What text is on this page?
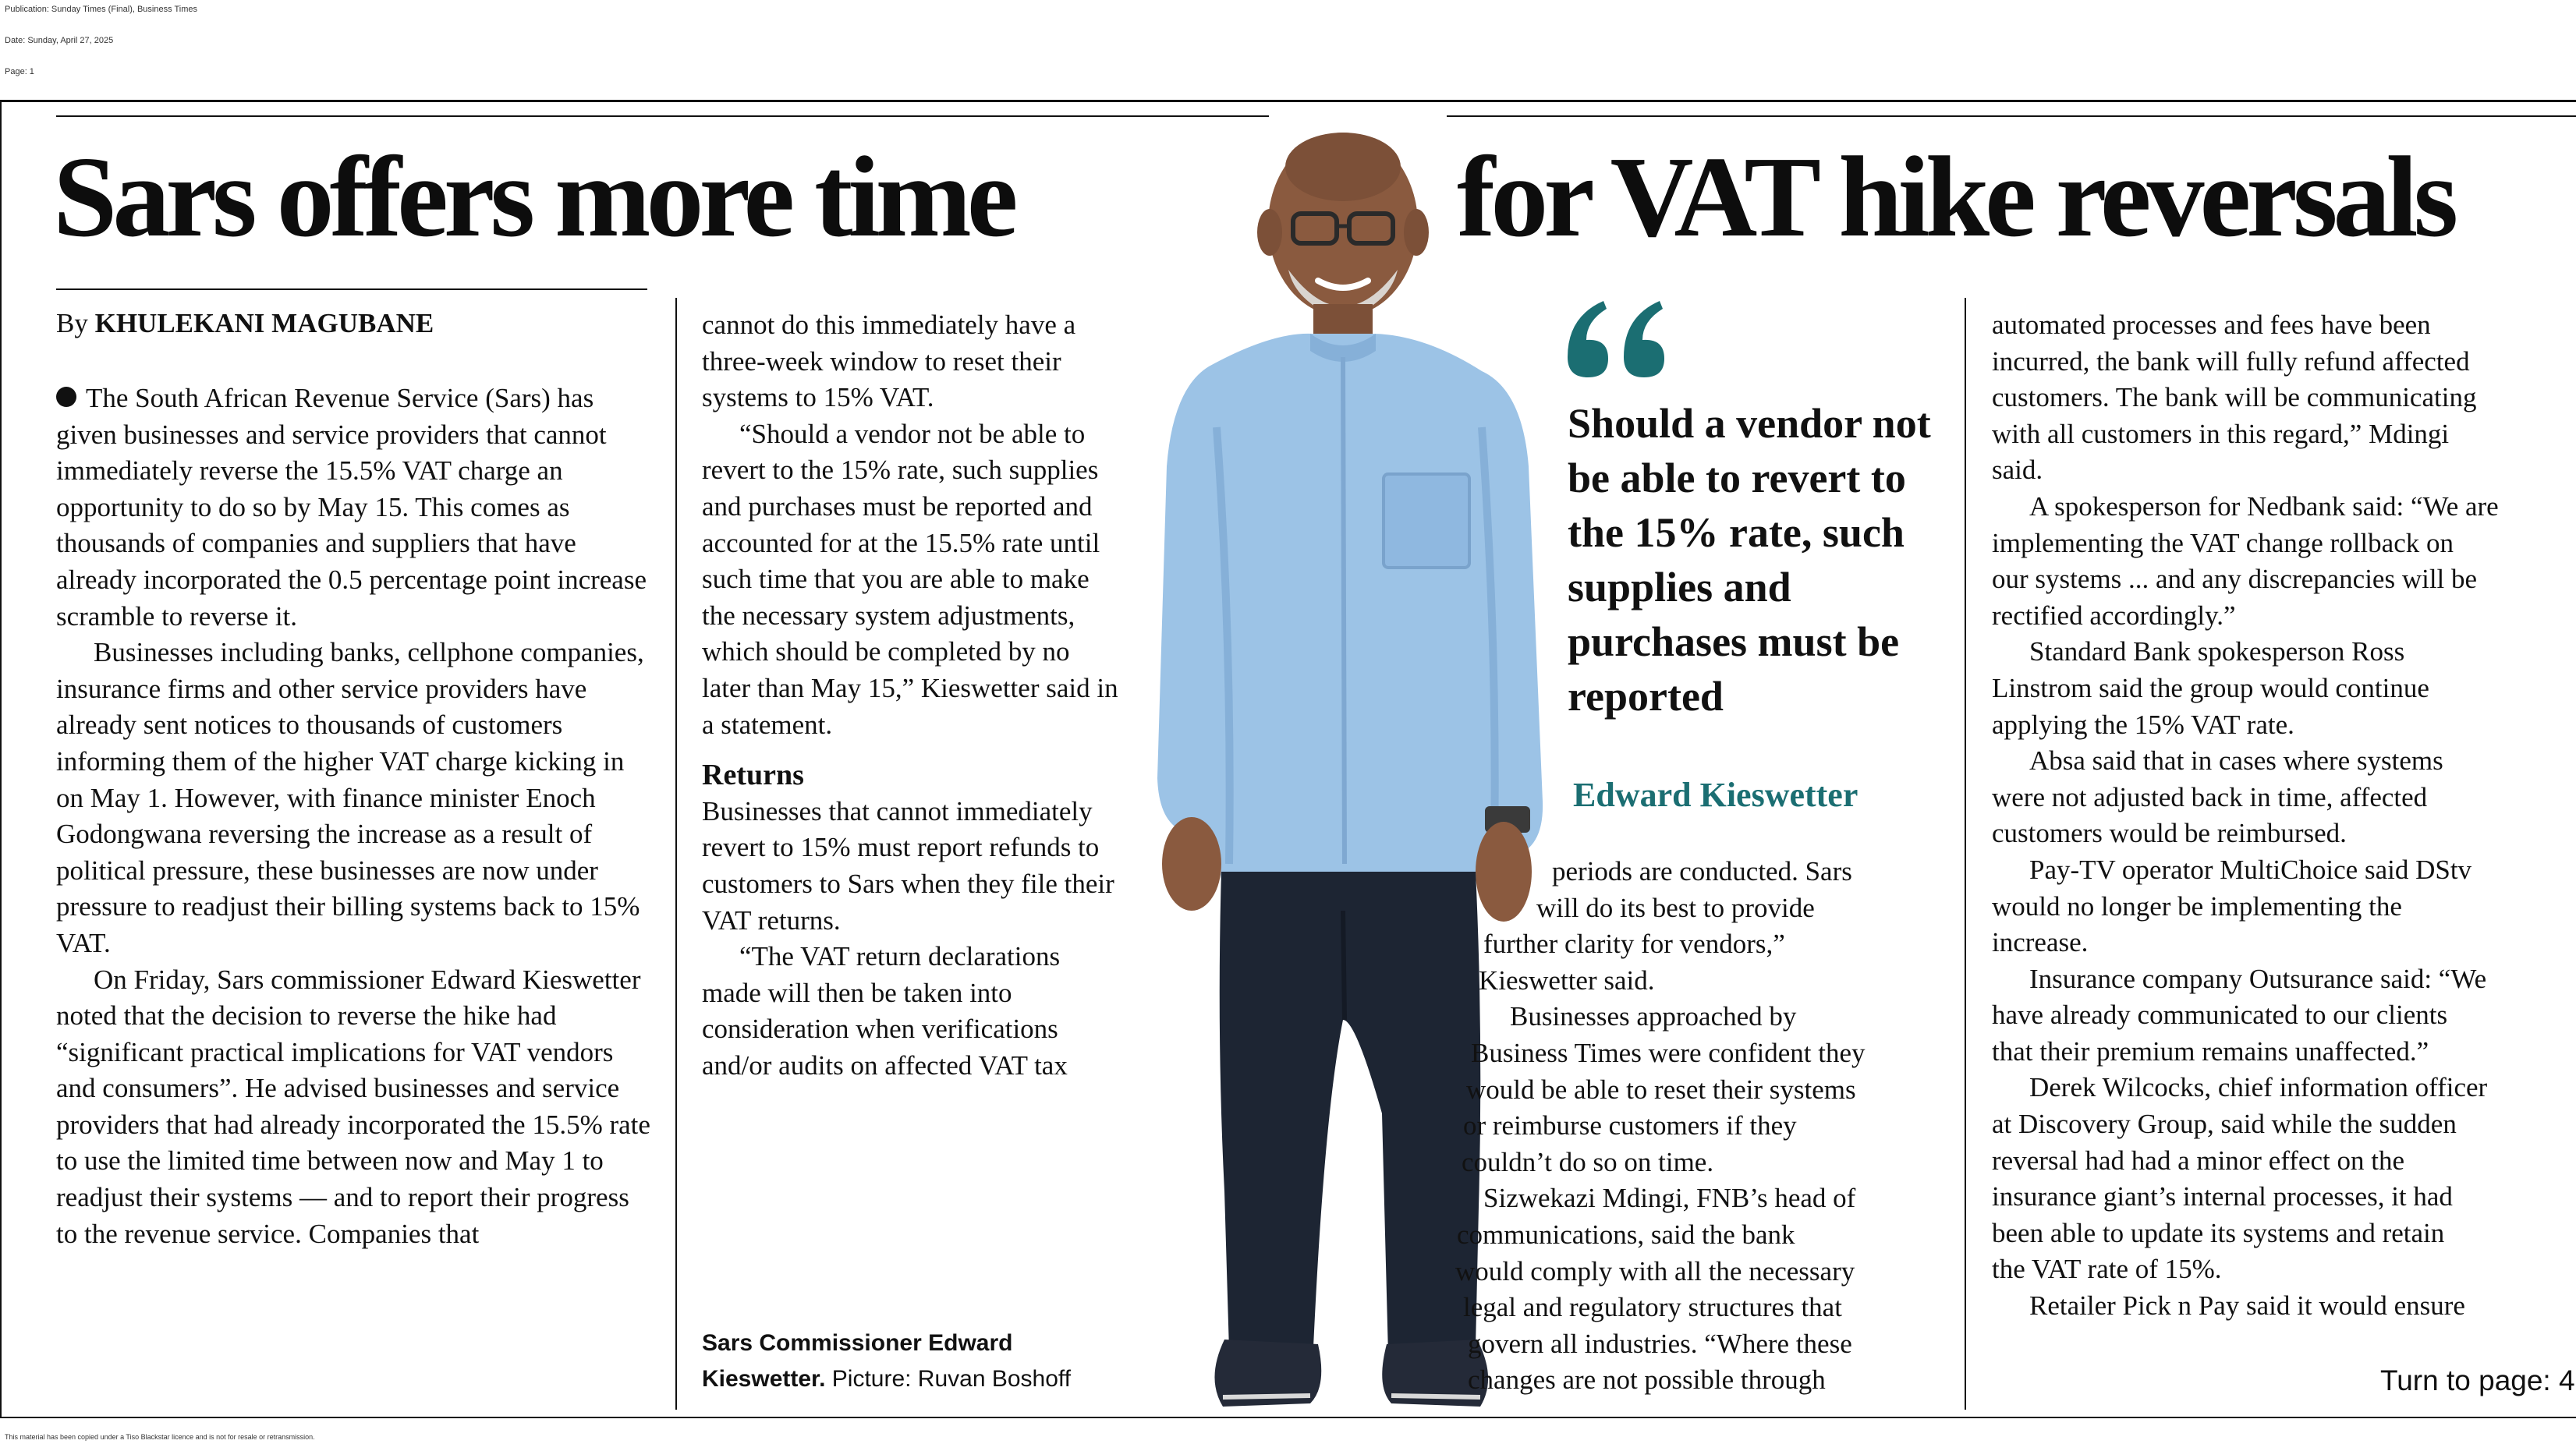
Publication: Sunday Times (Final), Business Times
Date: Sunday, April 27, 2025
Page: 1
Sars offers more time	for VAT hike reversals
By KHULEKANI MAGUBANE

The South African Revenue Service (Sars) has given businesses and service providers that cannot immediately reverse the 15.5% VAT charge an opportunity to do so by May 15. This comes as thousands of companies and suppliers that have already incorporated the 0.5 percentage point increase scramble to reverse it.

Businesses including banks, cellphone companies, insurance firms and other service providers have already sent notices to thousands of customers informing them of the higher VAT charge kicking in on May 1. However, with finance minister Enoch Godongwana reversing the increase as a result of political pressure, these businesses are now under pressure to readjust their billing systems back to 15% VAT.

On Friday, Sars commissioner Edward Kieswetter noted that the decision to reverse the hike had “significant practical implications for VAT vendors and consumers”. He advised businesses and service providers that had already incorporated the 15.5% rate to use the limited time between now and May 1 to readjust their systems — and to report their progress to the revenue service. Companies that

cannot do this immediately have a three-week window to reset their systems to 15% VAT.

“Should a vendor not be able to revert to the 15% rate, such supplies and purchases must be reported and accounted for at the 15.5% rate until such time that you are able to make the necessary system adjustments, which should be completed by no later than May 15,” Kieswetter said in a statement.

Returns

Businesses that cannot immediately revert to 15% must report refunds to customers to Sars when they file their VAT returns.

“The VAT return declarations made will then be taken into consideration when verifications and/or audits on affected VAT tax

Should a vendor not be able to revert to the 15% rate, such supplies and purchases must be reported

Edward Kieswetter

periods are conducted. Sars

will do its best to provide

further clarity for vendors,”

Kieswetter said.

Businesses approached by

Business Times were confident they

would be able to reset their systems

or reimburse customers if they

couldn’t do so on time.

Sizwekazi Mdingi, FNB’s head of

communications, said the bank

would comply with all the necessary

legal and regulatory structures that

govern all industries. “Where these

changes are not possible through

automated processes and fees have been

incurred, the bank will fully refund affected

customers. The bank will be communicating

with all customers in this regard,” Mdingi

said.

A spokesperson for Nedbank said: “We are

implementing the VAT change rollback on

our systems ... and any discrepancies will be

rectified accordingly.”

Standard Bank spokesperson Ross

Linstrom said the group would continue

applying the 15% VAT rate.

Absa said that in cases where systems

were not adjusted back in time, affected

customers would be reimbursed.

Pay-TV operator MultiChoice said DStv

would no longer be implementing the

increase.

Insurance company Outsurance said: “We

have already communicated to our clients

that their premium remains unaffected.”

Derek Wilcocks, chief information officer

at Discovery Group, said while the sudden

reversal had had a minor effect on the

insurance giant’s internal processes, it had

been able to update its systems and retain

the VAT rate of 15%.

Retailer Pick n Pay said it would ensure

Sars Commissioner Edward
Kieswetter. Picture: Ruvan Boshoff	Turn to page: 4
This material has been copied under a Tiso Blackstar licence and is not for resale or retransmission.
